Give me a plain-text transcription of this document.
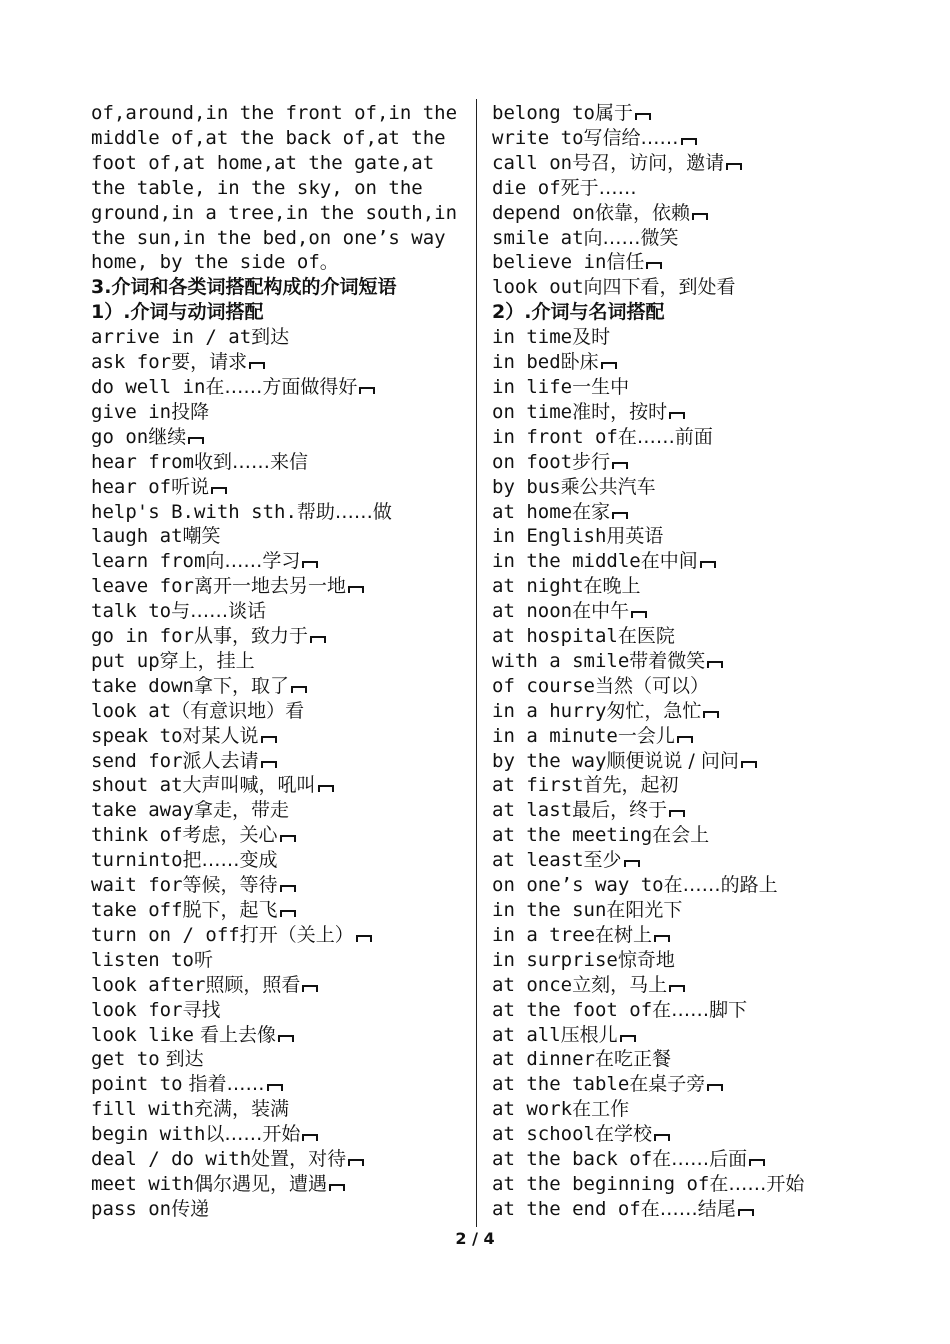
of,around,in the front of,in the
middle of,at the back of,at the
foot of,at home,at the gate,at
the table, in the sky, on the
ground,in a tree,in the south,in
the sun,in the bed,on one’s way
home, by the side of。
3.介词和各类词搭配构成的介词短语
1）.介词与动词搭配
arrive in / at到达
ask for要，请求
do well in在……方面做得好
give in投降
go on继续
hear from收到……来信
hear of听说
help's B.with sth.帮助……做
laugh at嘲笑
learn from向……学习
leave for离开一地去另一地
talk to与……谈话
go in for从事，致力于
put up穿上，挂上
take down拿下，取了
look at（有意识地）看
speak to对某人说
send for派人去请
shout at大声叫喊，吼叫
take away拿走，带走
think of考虑，关心
turninto把……变成
wait for等候，等待
take off脱下，起飞
turn on / off打开（关上）
listen to听
look after照顾，照看
look for寻找
look like 看上去像
get to 到达
point to 指着……
fill with充满，装满
begin with以……开始
deal / do with处置，对待
meet with偶尔遇见，遭遇
pass on传递
belong to属于
write to写信给……
call on号召，访问，邀请
die of死于……
depend on依靠，依赖
smile at向……微笑
believe in信任
look out向四下看，到处看
2）.介词与名词搭配
in time及时
in bed卧床
in life一生中
on time准时，按时
in front of在……前面
on foot步行
by bus乘公共汽车
at home在家
in English用英语
in the middle在中间
at night在晚上
at noon在中午
at hospital在医院
with a smile带着微笑
of course当然（可以）
in a hurry匆忙，急忙
in a minute一会儿
by the way顺便说说 / 问问
at first首先，起初
at last最后，终于
at the meeting在会上
at least至少
on one’s way to在……的路上
in the sun在阳光下
in a tree在树上
in surprise惊奇地
at once立刻，马上
at the foot of在……脚下
at all压根儿
at dinner在吃正餐
at the table在桌子旁
at work在工作
at school在学校
at the back of在……后面
at the beginning of在……开始
at the end of在……结尾
2 / 4
